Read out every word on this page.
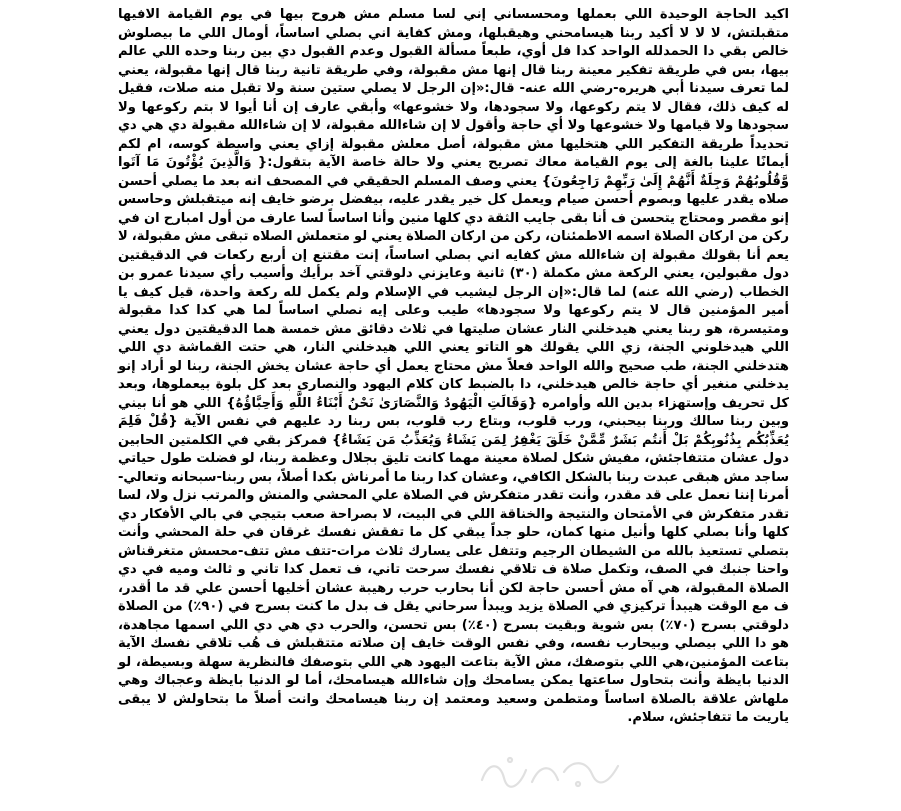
اكيد الحاجة الوحيدة اللي بعملها ومحسساني إني لسا مسلم مش هروح بيها في يوم القيامة الافيها متقبلتش، لا لا لا أكيد ربنا هيسامحني وهيقبلها، ومش كفاية اني بصلي اساساً، أومال اللي ما بيصلوش خالص بقي دا الحمدلله الواحد كدا فل أوي، طبعاً مسألة القبول وعدم القبول دي بين ربنا وحده اللي عالم بيها، بس في طريقة تفكير معينة ربنا قال إنها مش مقبولة، وفي طريقة تانية ربنا قال إنها مقبولة، يعني لما تعرف سيدنا أبي هريره-رضي الله عنه- قال:«إن الرجل لا يصلي ستين سنة ولا تقبل منه صلات، فقيل له كيف ذلك، فقال لا يتم ركوعها، ولا سجودها، ولا خشوعها» وأبقي عارف إن أنا أيوا لا بتم ركوعها ولا سجودها ولا قيامها ولا خشوعها ولا أي حاجة وأقول لا إن شاءالله مقبولة، لا إن شاءالله مقبولة دي هي دي تحديداً طريقة التفكير اللي هتخليها مش مقبولة، أصل معلش مقبولة إزاي يعني واسطة كوسه، ام لكم أيمانًا علينا بالغة إلى يوم القيامة معاك تصريح يعني ولا حالة خاصة الآية بتقول:{ وَالَّذِينَ يُؤْتُونَ مَا آتَوا وَّقُلُوبُهُمْ وَجِلَةٌ أَنَّهُمْ إِلَىٰ رَبِّهِمْ رَاجِعُونَ} يعني وصف المسلم الحقيقي في المصحف انه بعد ما يصلي أحسن صلاه يقدر عليها وبصوم أحسن صيام ويعمل كل خير يقدر عليه، بيفضل برضو خايف إنه ميتقبلش وحاسس إنو مقصر ومحتاج يتحسن ف أنا بقى جايب الثقة دي كلها منين وأنا اساساً لسا عارف من أول امبارح ان في ركن من اركان الصلاة اسمه الاطمئنان، ركن من اركان الصلاة يعني لو متعملش الصلاه تبقى مش مقبولة، لا يعم أنا بقولك مقبولة إن شاءالله مش كفايه اني بصلي اساساً، إنت مقتنع إن أربع ركعات في الدقيقتين دول مقبولين، يعني الركعة مش مكملة (٣٠) ثانية وعايزني دلوقتي آخد برأيك وأسيب رأي سيدنا عمرو بن الخطاب (رضي الله عنه) لما قال:«إن الرجل ليشيب في الإسلام ولم يكمل لله ركعة واحدة، قيل كيف يا أمير المؤمنين قال لا يتم ركوعها ولا سجودها» طيب وعلى إيه نصلي اساساً لما هي كدا كدا مقبولة ومتيسرة، هو ربنا يعني هيدخلني النار عشان صليتها في ثلاث دقائق مش خمسة هما الدقيقتين دول يعني اللي هيدخلوني الجنة، زي اللي يقولك هو التاتو يعني اللي هيدخلني النار، هي حتت القماشة دي اللي هتدخلني الجنة، طب صحيح والله الواحد فعلاً مش محتاج يعمل أي حاجة عشان يخش الجنة، ربنا لو أراد إنو يدخلني منغير أي حاجة خالص هيدخلني، دا بالضبط كان كلام اليهود والنصارى بعد كل بلوة بيعملوها، وبعد كل تحريف وإستهزاء بدين الله وأوامره {وَقَالَتِ الْيَهُودُ وَالنَّصَارَىٰ نَحْنُ أَبْنَاءُ اللَّهِ وَأَحِبَّاؤُهُ} اللي هو أنا بيني وبين ربنا سالك وربنا بيحبني، ورب قلوب، وبتاع رب قلوب، بس ربنا رد عليهم في نفس الآية {قُلْ فَلِمَ يُعَذِّبُكُم بِذُنُوبِكُمْ بَلْ أَنتُم بَشَرٌ مِّمَّنْ خَلَقَ يَغْفِرُ لِمَن يَشَاءُ وَيُعَذِّبُ مَن يَشَاءُ} فمركز بقي في الكلمتين الحابين دول عشان متتفاجئش، مفيش شكل لصلاة معينة مهما كانت تليق بجلال وعظمة ربنا، لو فضلت طول حياتي ساجد مش هبقى عبدت ربنا بالشكل الكافي، وعشان كدا ربنا ما أمرناش بكدا أصلاً، بس ربنا-سبحانه وتعالي- أمرنا إننا نعمل على قد مقدر، وأنت تقدر متفكرش في الصلاة علي المحشي والمنش والمرتب نزل ولا، لسا تقدر متفكرش في الأمتحان والنتيجة والخناقة اللي في البيت، لا بصراحة صعب بتيجي في بالي الأفكار دي كلها وأنا بصلي كلها وأنيل منها كمان، حلو جداً يبقي كل ما تفقش نفسك غرقان في حلة المحشي وأنت بتصلي تستعيذ بالله من الشيطان الرجيم وتتفل على يسارك ثلاث مرات-تتف مش تتف-محسش متغرقناش واحنا جنبك في الصف، وتكمل صلاة ف تلاقي نفسك سرحت تاني، ف تعمل كدا تاني و ثالث وميه في دي الصلاة المقبولة، هي آه مش أحسن حاجة لكن أنا بحارب حرب رهيبة عشان أخليها أحسن علي قد ما أقدر، ف مع الوقت هيبدأ تركيزي في الصلاة يزيد ويبدأ سرحاني يقل ف بدل ما كنت بسرح في (٩٠٪) من الصلاة دلوقتي بسرح (٧٠٪) بس شوية وبقيت بسرح (٤٠٪) بس تحسن، والحرب دي هي دي اللي اسمها مجاهدة، هو دا اللي بيصلي وبيحارب نفسه، وفي نفس الوقت خايف إن صلاته متتقبلش ف هُب تلاقي نفسك الآية بتاعت المؤمنين،هي اللي بتوصفك، مش الآية بتاعت اليهود هي اللي بتوصفك فالنظرية سهلة وبسيطة، لو الدنيا بايظة وأنت بتحاول ساعتها يمكن يسامحك وإن شاءالله هيسامحك، أما لو الدنيا بايظة وعجباك وهي ملهاش علاقة بالصلاة اساساً ومتطمن وسعيد ومعتمد إن ربنا هيسامحك وانت أصلاً ما بتحاولش لا يبقى ياريت ما تتفاجئش، سلام.
